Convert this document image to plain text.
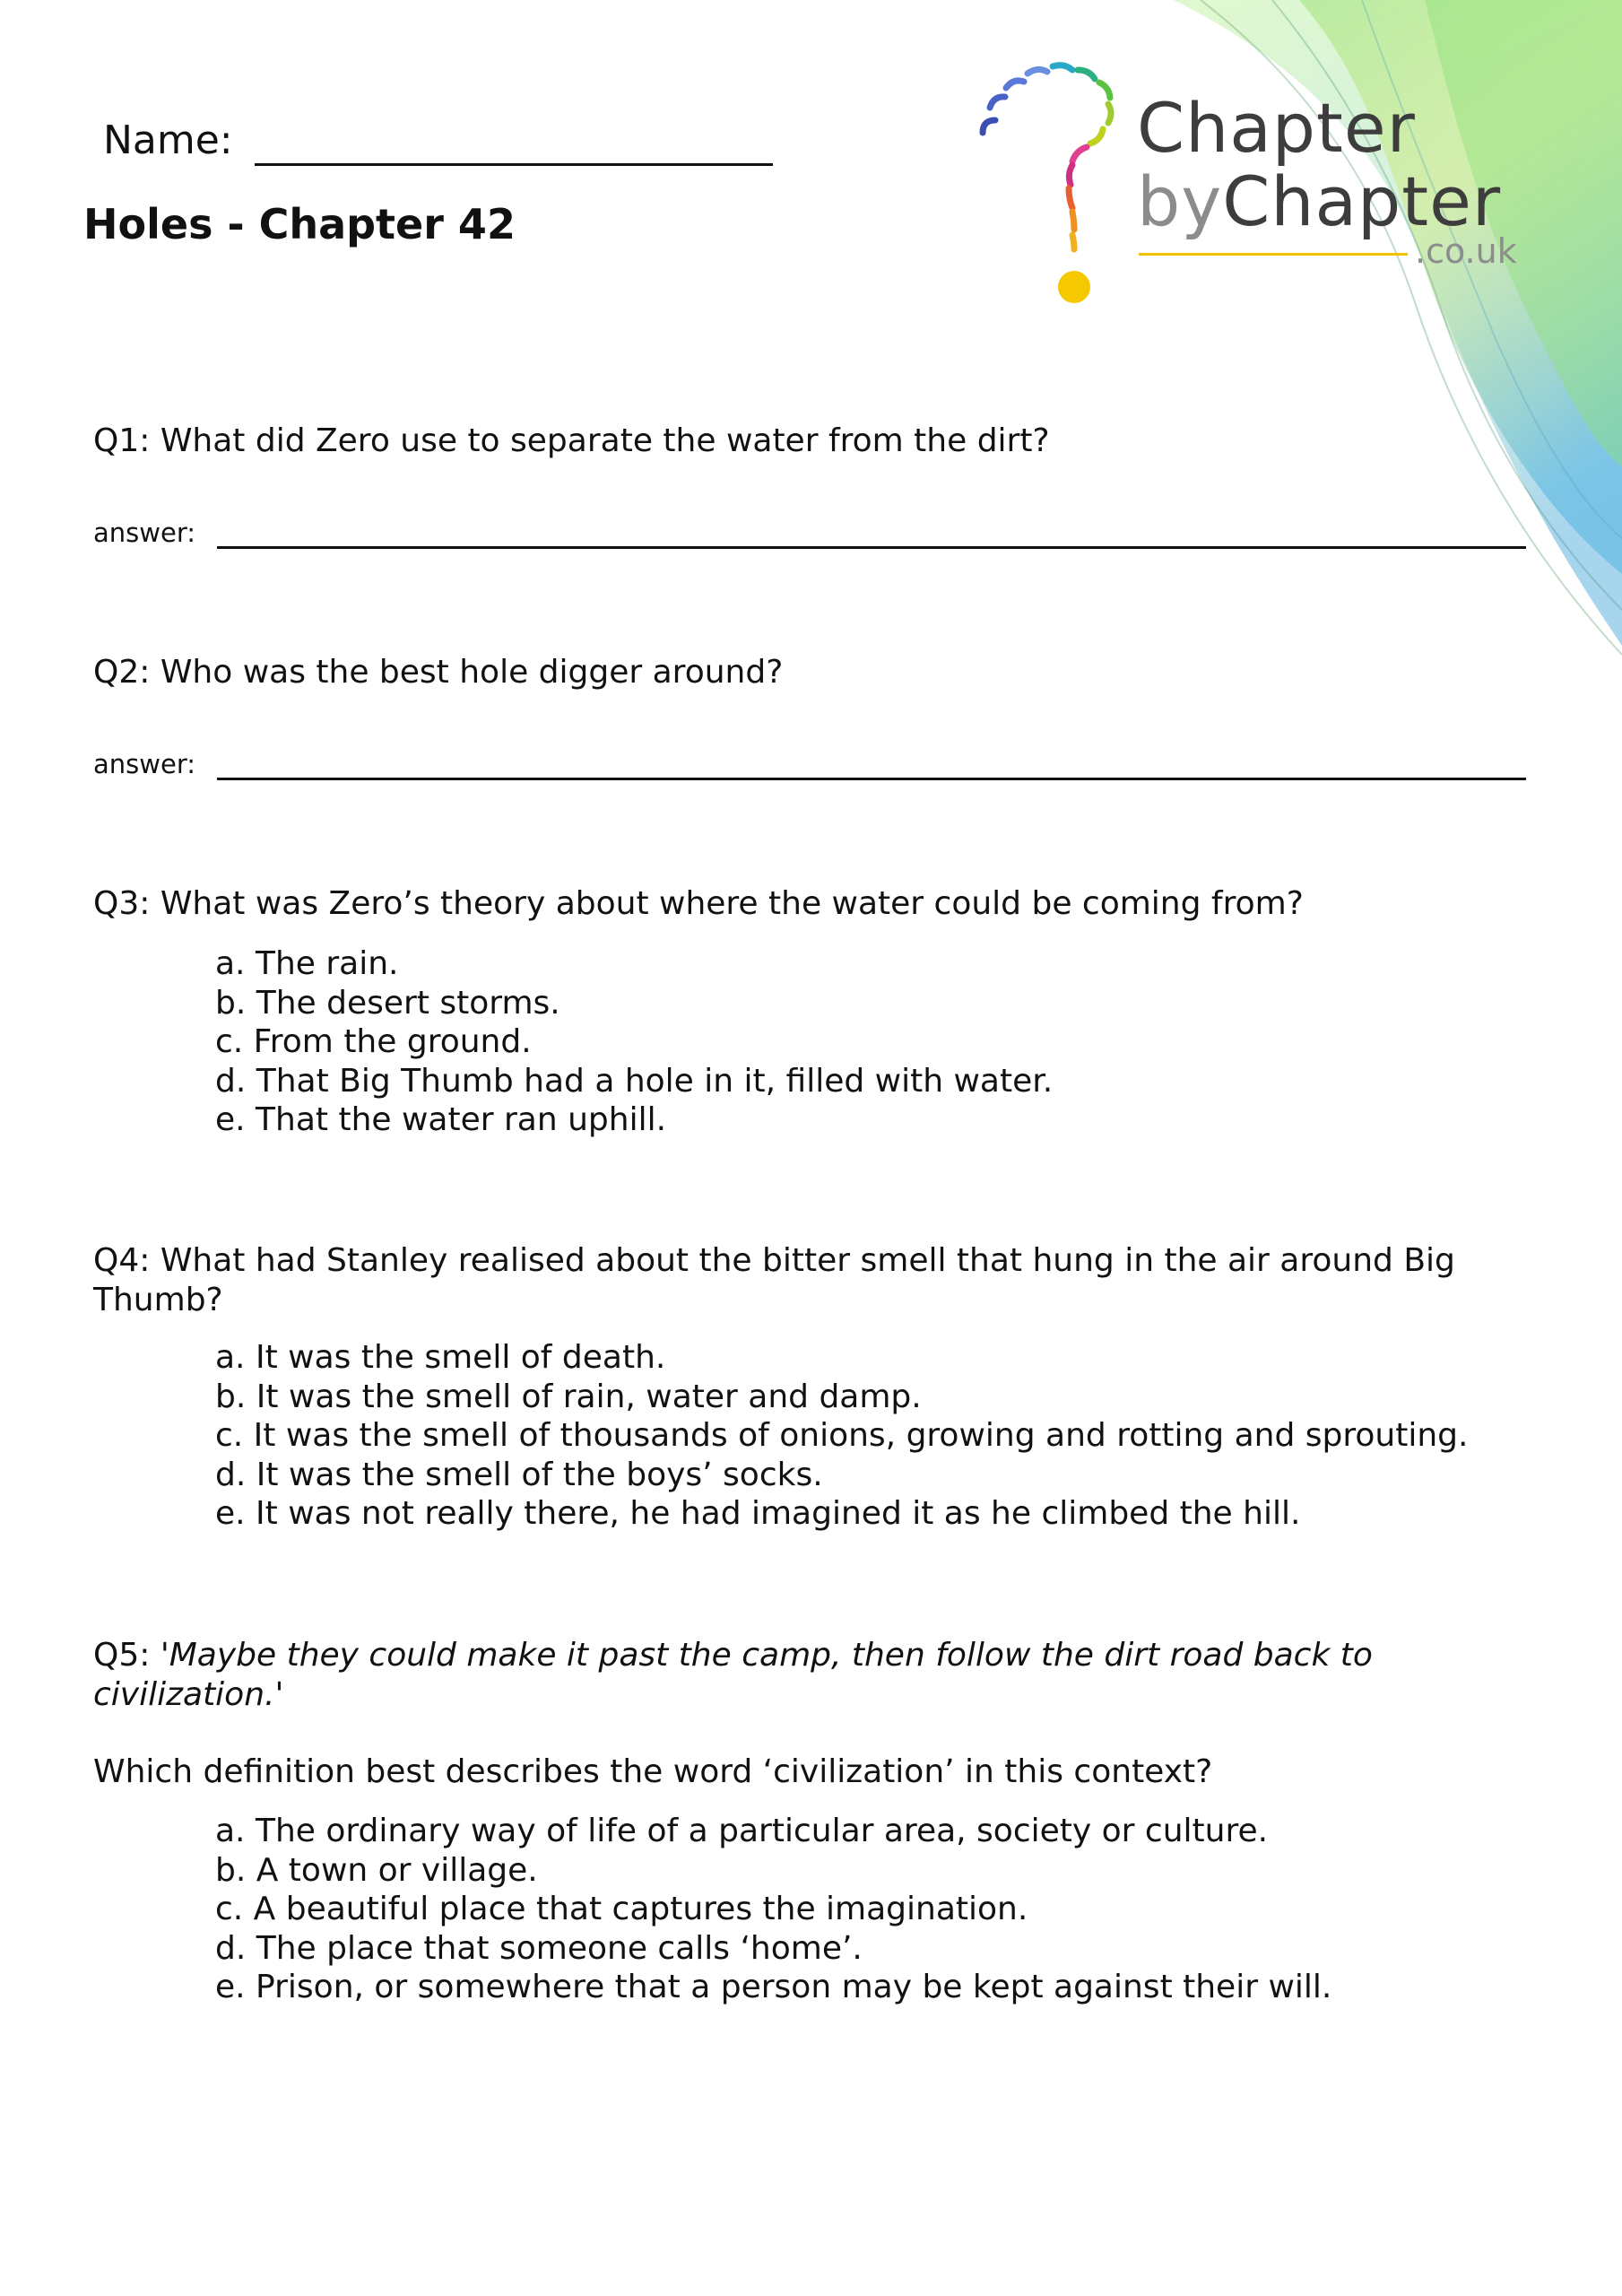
Name:
Holes - Chapter 42
Chapter
byChapter
.co.uk
Q1: What did Zero use to separate the water from the dirt?
answer:
Q2: Who was the best hole digger around?
answer:
Q3: What was Zero’s theory about where the water could be coming from?
a. The rain.
b. The desert storms.
c. From the ground.
d. That Big Thumb had a hole in it, filled with water.
e. That the water ran uphill.
Q4: What had Stanley realised about the bitter smell that hung in the air around Big Thumb?
a. It was the smell of death.
b. It was the smell of rain, water and damp.
c. It was the smell of thousands of onions, growing and rotting and sprouting.
d. It was the smell of the boys’ socks.
e. It was not really there, he had imagined it as he climbed the hill.
Q5: 'Maybe they could make it past the camp, then follow the dirt road back to civilization.'
Which definition best describes the word ‘civilization’ in this context?
a. The ordinary way of life of a particular area, society or culture.
b. A town or village.
c. A beautiful place that captures the imagination.
d. The place that someone calls ‘home’.
e. Prison, or somewhere that a person may be kept against their will.
